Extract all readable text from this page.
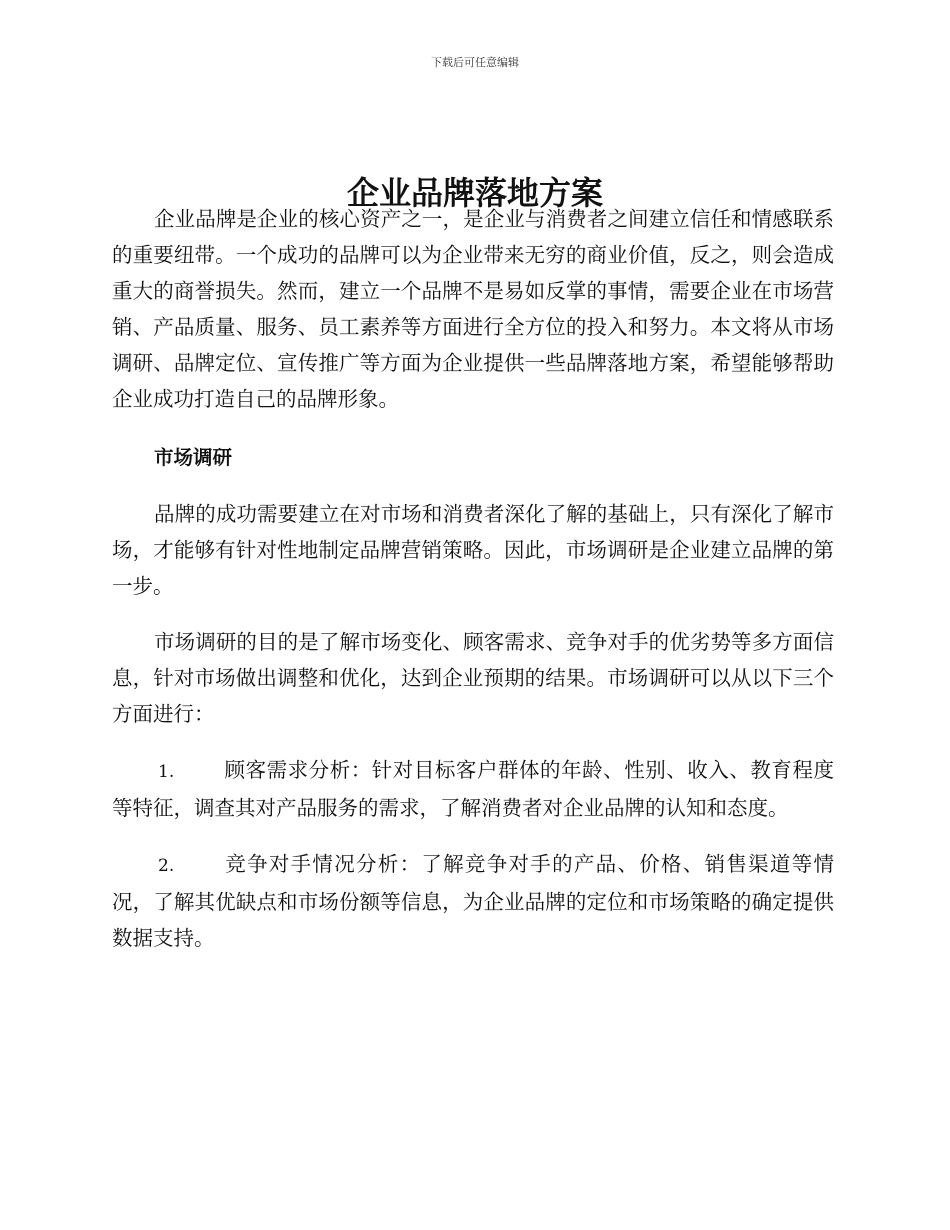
下载后可任意编辑
企业品牌落地方案

企业品牌是企业的核心资产之一，是企业与消费者之间建立信任和情感联系的重要纽带。一个成功的品牌可以为企业带来无穷的商业价值，反之，则会造成重大的商誉损失。然而，建立一个品牌不是易如反掌的事情，需要企业在市场营销、产品质量、服务、员工素养等方面进行全方位的投入和努力。本文将从市场调研、品牌定位、宣传推广等方面为企业提供一些品牌落地方案，希望能够帮助企业成功打造自己的品牌形象。

市场调研

品牌的成功需要建立在对市场和消费者深化了解的基础上，只有深化了解市场，才能够有针对性地制定品牌营销策略。因此，市场调研是企业建立品牌的第一步。

市场调研的目的是了解市场变化、顾客需求、竞争对手的优劣势等多方面信息，针对市场做出调整和优化，达到企业预期的结果。市场调研可以从以下三个方面进行：

1. 顾客需求分析：针对目标客户群体的年龄、性别、收入、教育程度等特征，调查其对产品服务的需求，了解消费者对企业品牌的认知和态度。
2. 竞争对手情况分析：了解竞争对手的产品、价格、销售渠道等情况，了解其优缺点和市场份额等信息，为企业品牌的定位和市场策略的确定提供数据支持。
